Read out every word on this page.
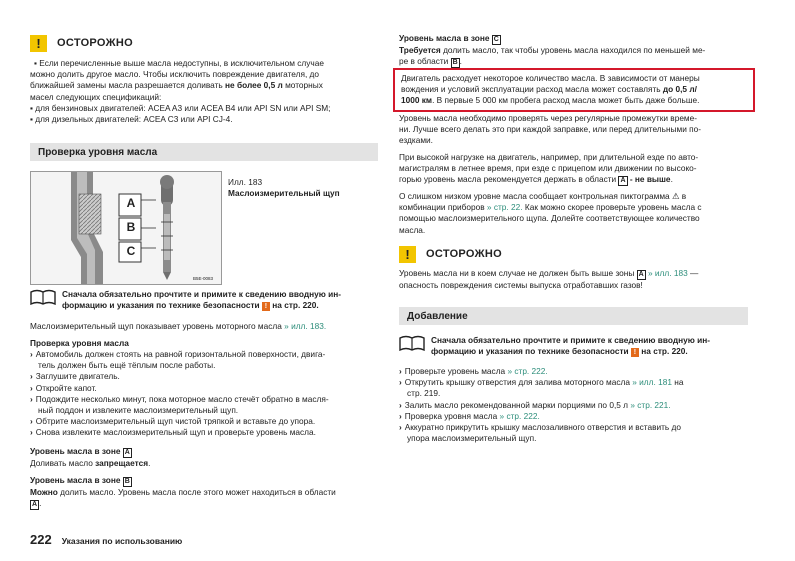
!	ОСТОРОЖНО

▪ Если перечисленные выше масла недоступны, в исключительном случае

можно долить другое масло. Чтобы исключить повреждение двигателя, до

ближайшей замены масла разрешается доливать не более 0,5 л моторных

масел следующих спецификаций:

▪ для бензиновых двигателей: ACEA A3 или ACEA B4 или API SN или API SM;

▪ для дизельных двигателей: ACEA C3 или API CJ-4.

Проверка уровня масла
A
B
C
B5E-0083
Илл. 183
Маслоизмерительный щуп

Сначала обязательно прочтите и примите к сведению вводную ин-

формацию и указания по технике безопасности ! на стр. 220.

Маслоизмерительный щуп показывает уровень моторного масла » илл. 183.

Проверка уровня масла

› Автомобиль должен стоять на равной горизонтальной поверхности, двига-

тель должен быть ещё тёплым после работы.

› Заглушите двигатель.

› Откройте капот.

› Подождите несколько минут, пока моторное масло стечёт обратно в масля-

ный поддон и извлеките маслоизмерительный щуп.

› Обтрите маслоизмерительный щуп чистой тряпкой и вставьте до упора.

› Снова извлеките маслоизмерительный щуп и проверьте уровень масла.

Уровень масла в зоне A

Доливать масло запрещается.

Уровень масла в зоне B

Можно долить масло. Уровень масла после этого может находиться в области

A .

222 Указания по использованию

Уровень масла в зоне C

Требуется долить масло, так чтобы уровень масла находился по меньшей ме-

ре в области B .

Двигатель расходует некоторое количество масла. В зависимости от манеры

вождения и условий эксплуатации расход масла может составлять до 0,5 л/

1000 км. В первые 5 000 км пробега расход масла может быть даже больше.

Уровень масла необходимо проверять через регулярные промежутки време-

ни. Лучше всего делать это при каждой заправке, или перед длительными по-

ездками.

При высокой нагрузке на двигатель, например, при длительной езде по авто-

магистралям в летнее время, при езде с прицепом или движении по высоко-

горью уровень масла рекомендуется держать в области A - не выше.

О слишком низком уровне масла сообщает контрольная пиктограмма ⚠ в

комбинации приборов » стр. 22. Как можно скорее проверьте уровень масла с

помощью маслоизмерительного щупа. Долейте соответствующее количество

масла.

!	ОСТОРОЖНО

Уровень масла ни в коем случае не должен быть выше зоны A » илл. 183 —

опасность повреждения системы выпуска отработавших газов!

Добавление

Сначала обязательно прочтите и примите к сведению вводную ин-

формацию и указания по технике безопасности ! на стр. 220.

› Проверьте уровень масла » стр. 222.

› Открутить крышку отверстия для залива моторного масла » илл. 181 на

стр. 219.

› Залить масло рекомендованной марки порциями по 0,5 л » стр. 221.

› Проверка уровня масла » стр. 222.

› Аккуратно прикрутить крышку маслозаливного отверстия и вставить до

упора маслоизмерительный щуп.
